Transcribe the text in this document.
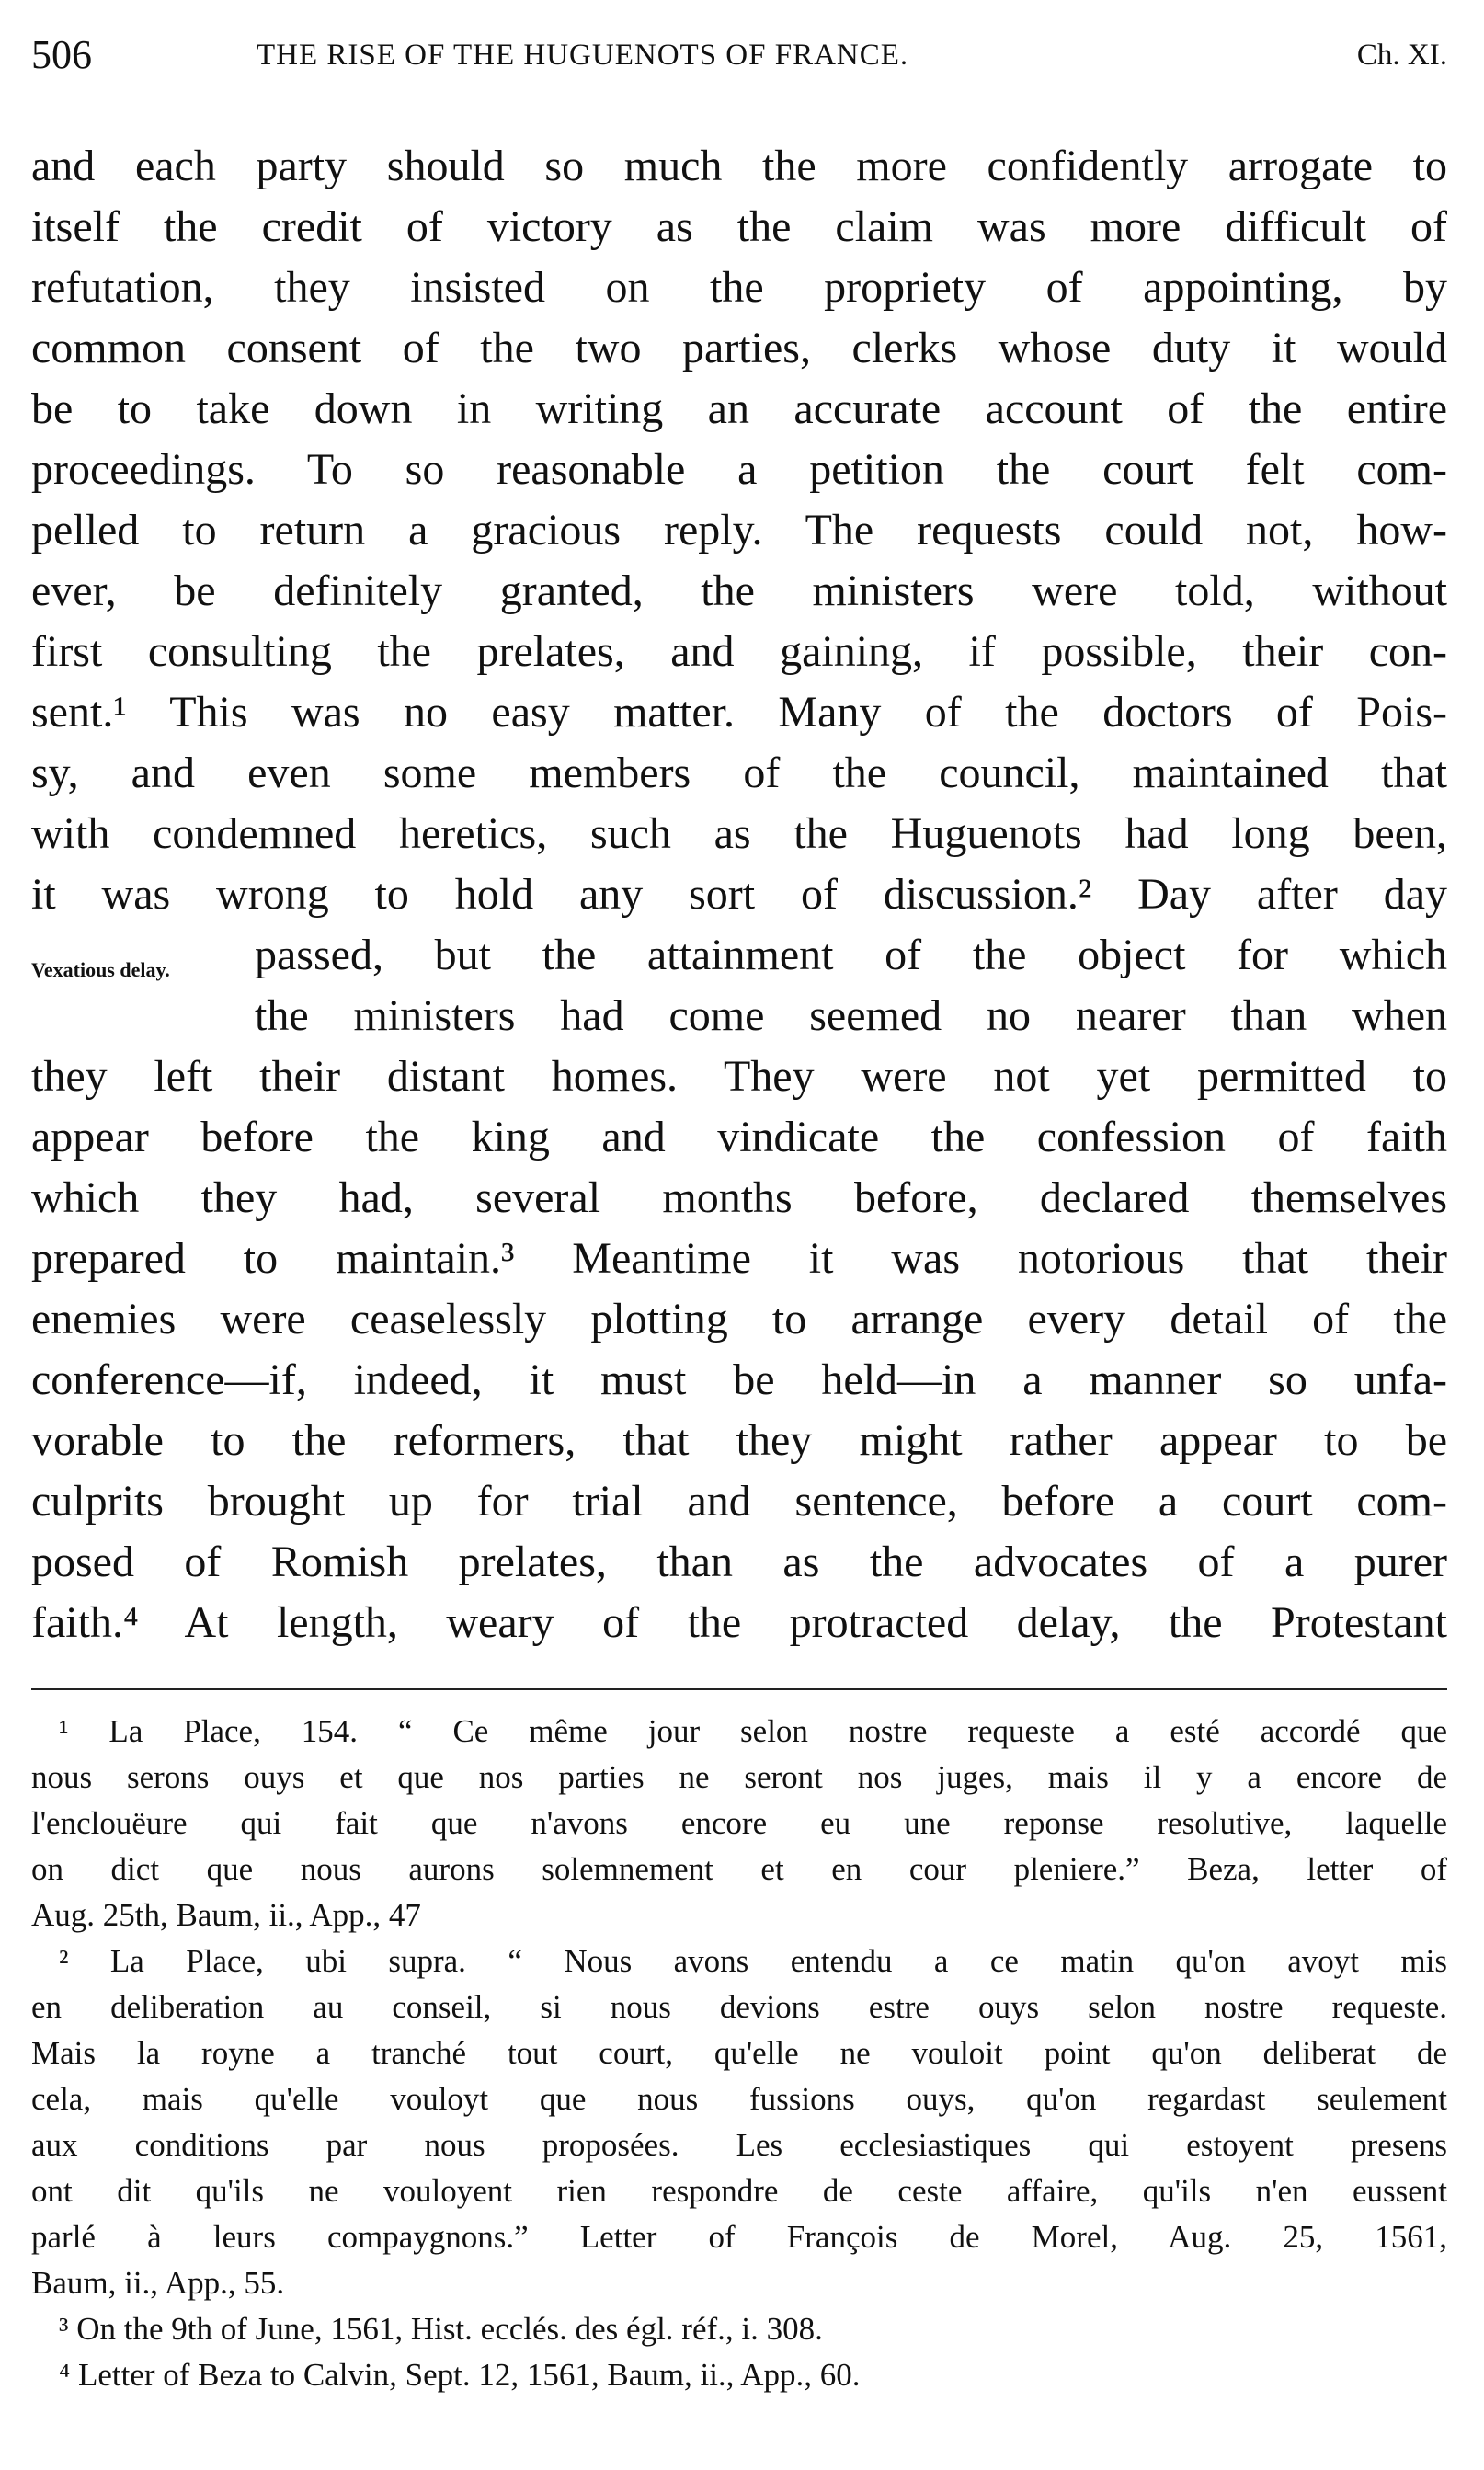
506	THE RISE OF THE HUGUENOTS OF FRANCE.	Ch. XI.
Vexatious delay.
and each party should so much the more confidently arrogate to
itself the credit of victory as the claim was more difficult of
refutation, they insisted on the propriety of appointing, by
common consent of the two parties, clerks whose duty it would
be to take down in writing an accurate account of the entire
proceedings. To so reasonable a petition the court felt com-
pelled to return a gracious reply. The requests could not, how-
ever, be definitely granted, the ministers were told, without
first consulting the prelates, and gaining, if possible, their con-
sent.¹ This was no easy matter. Many of the doctors of Pois-
sy, and even some members of the council, maintained that
with condemned heretics, such as the Huguenots had long been,
it was wrong to hold any sort of discussion.² Day after day
passed, but the attainment of the object for which
the ministers had come seemed no nearer than when
they left their distant homes. They were not yet permitted to
appear before the king and vindicate the confession of faith
which they had, several months before, declared themselves
prepared to maintain.³ Meantime it was notorious that their
enemies were ceaselessly plotting to arrange every detail of the
conference—if, indeed, it must be held—in a manner so unfa-
vorable to the reformers, that they might rather appear to be
culprits brought up for trial and sentence, before a court com-
posed of Romish prelates, than as the advocates of a purer
faith.⁴ At length, weary of the protracted delay, the Protestant
¹ La Place, 154. “ Ce même jour selon nostre requeste a esté accordé que
nous serons ouys et que nos parties ne seront nos juges, mais il y a encore de
l'enclouëure qui fait que n'avons encore eu une reponse resolutive, laquelle
on dict que nous aurons solemnement et en cour pleniere.” Beza, letter of
Aug. 25th, Baum, ii., App., 47
² La Place, ubi supra. “ Nous avons entendu a ce matin qu'on avoyt mis
en deliberation au conseil, si nous devions estre ouys selon nostre requeste.
Mais la royne a tranché tout court, qu'elle ne vouloit point qu'on deliberat de
cela, mais qu'elle vouloyt que nous fussions ouys, qu'on regardast seulement
aux conditions par nous proposées. Les ecclesiastiques qui estoyent presens
ont dit qu'ils ne vouloyent rien respondre de ceste affaire, qu'ils n'en eussent
parlé à leurs compaygnons.” Letter of François de Morel, Aug. 25, 1561,
Baum, ii., App., 55.
³ On the 9th of June, 1561, Hist. ecclés. des égl. réf., i. 308.
⁴ Letter of Beza to Calvin, Sept. 12, 1561, Baum, ii., App., 60.
